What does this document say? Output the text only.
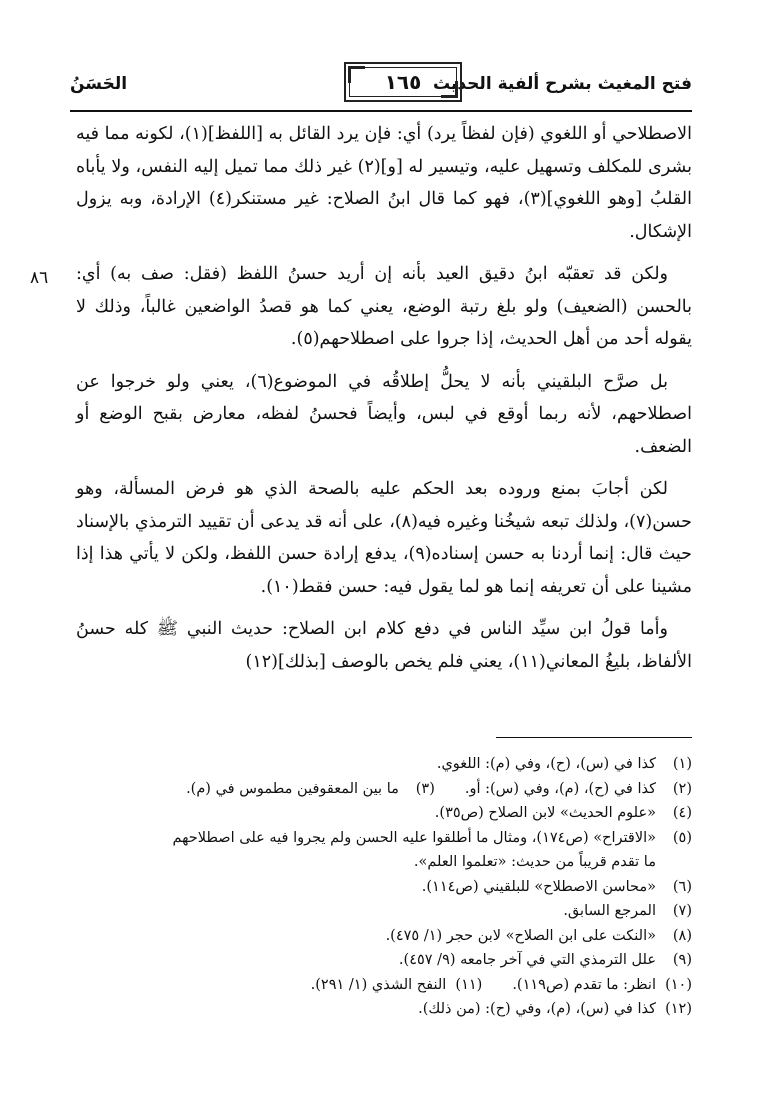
فتح المغيث بشرح ألفية الحديث
١٦٥
الحَسَنُ
٨٦

الاصطلاحي أو اللغوي (فإن لفظاً يرد) أي: فإن يرد القائل به [اللفظ](١)، لكونه مما فيه بشرى للمكلف وتسهيل عليه، وتيسير له [و](٢) غير ذلك مما تميل إليه النفس، ولا يأباه القلبُ [وهو اللغوي](٣)، فهو كما قال ابنُ الصلاح: غير مستنكر(٤) الإرادة، وبه يزول الإشكال.

ولكن قد تعقبّه ابنُ دقيق العيد بأنه إن أريد حسنُ اللفظ (فقل: صف به) أي: بالحسن (الضعيف) ولو بلغ رتبة الوضع، يعني كما هو قصدُ الواضعين غالباً، وذلك لا يقوله أحد من أهل الحديث، إذا جروا على اصطلاحهم(٥).

بل صرَّح البلقيني بأنه لا يحلُّ إطلاقُه في الموضوع(٦)، يعني ولو خرجوا عن اصطلاحهم، لأنه ربما أوقع في لبس، وأيضاً فحسنُ لفظه، معارض بقبح الوضع أو الضعف.

لكن أجابَ بمنع وروده بعد الحكم عليه بالصحة الذي هو فرض المسألة، وهو حسن(٧)، ولذلك تبعه شيخُنا وغيره فيه(٨)، على أنه قد يدعى أن تقييد الترمذي بالإسناد حيث قال: إنما أردنا به حسن إسناده(٩)، يدفع إرادة حسن اللفظ، ولكن لا يأتي هذا إذا مشينا على أن تعريفه إنما هو لما يقول فيه: حسن فقط(١٠).

وأما قولُ ابن سيِّد الناس في دفع كلام ابن الصلاح: حديث النبي ﷺ كله حسنُ الألفاظ، بليغُ المعاني(١١)، يعني فلم يخص بالوصف [بذلك](١٢)

(١)
كذا في (س)، (ح)، وفي (م): اللغوي.
(٢)
كذا في (ح)، (م)، وفي (س): أو.
(٣)
ما بين المعقوفين مطموس في (م).
(٤)
«علوم الحديث» لابن الصلاح (ص٣٥).
(٥)
«الاقتراح» (ص١٧٤)، ومثال ما أطلقوا عليه الحسن ولم يجروا فيه على اصطلاحهم
ما تقدم قريباً من حديث: «تعلموا العلم».
(٦)
«محاسن الاصطلاح» للبلقيني (ص١١٤).
(٧)
المرجع السابق.
(٨)
«النكت على ابن الصلاح» لابن حجر (١/ ٤٧٥).
(٩)
علل الترمذي التي في آخر جامعه (٩/ ٤٥٧).
(١٠)
انظر: ما تقدم (ص١١٩).
(١١)
النفح الشذي (١/ ٢٩١).
(١٢)
كذا في (س)، (م)، وفي (ح): (من ذلك).
